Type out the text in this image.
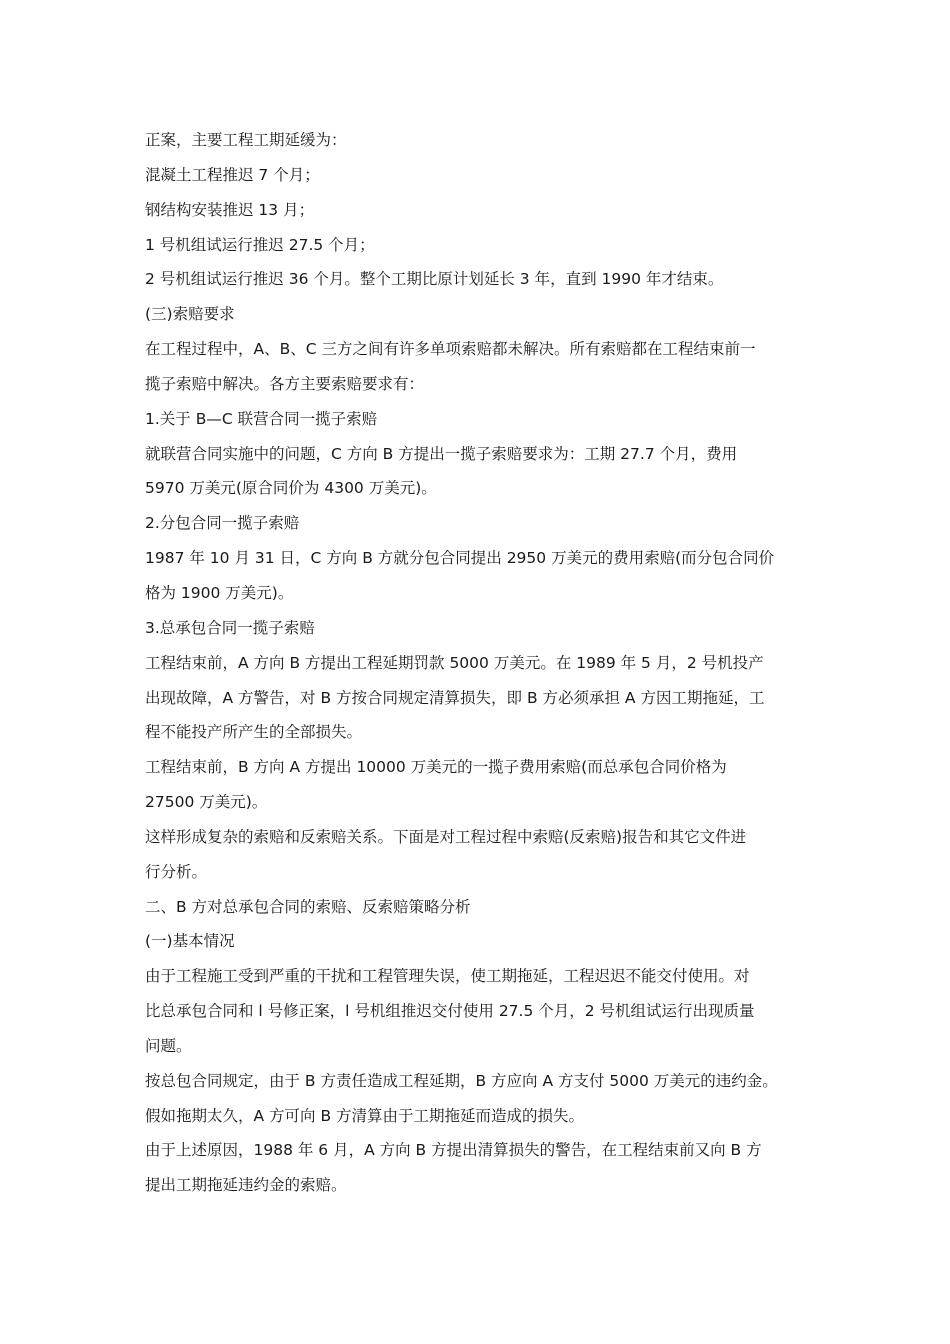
正案，主要工程工期延缓为：
混凝土工程推迟 7 个月；
钢结构安装推迟 13 月；
1 号机组试运行推迟 27.5 个月；
2 号机组试运行推迟 36 个月。整个工期比原计划延长 3 年，直到 1990 年才结束。
(三)索赔要求
在工程过程中，A、B、C 三方之间有许多单项索赔都未解决。所有索赔都在工程结束前一
揽子索赔中解决。各方主要索赔要求有：
1.关于 B—C 联营合同一揽子索赔
就联营合同实施中的问题，C 方向 B 方提出一揽子索赔要求为：工期 27.7 个月，费用
5970 万美元(原合同价为 4300 万美元)。
2.分包合同一揽子索赔
1987 年 10 月 31 日，C 方向 B 方就分包合同提出 2950 万美元的费用索赔(而分包合同价
格为 1900 万美元)。
3.总承包合同一揽子索赔
工程结束前，A 方向 B 方提出工程延期罚款 5000 万美元。在 1989 年 5 月，2 号机投产
出现故障，A 方警告，对 B 方按合同规定清算损失，即 B 方必须承担 A 方因工期拖延，工
程不能投产所产生的全部损失。
工程结束前，B 方向 A 方提出 10000 万美元的一揽子费用索赔(而总承包合同价格为
27500 万美元)。
这样形成复杂的索赔和反索赔关系。下面是对工程过程中索赔(反索赔)报告和其它文件进
行分析。
二、B 方对总承包合同的索赔、反索赔策略分析
(一)基本情况
由于工程施工受到严重的干扰和工程管理失误，使工期拖延，工程迟迟不能交付使用。对
比总承包合同和 l 号修正案，l 号机组推迟交付使用 27.5 个月，2 号机组试运行出现质量
问题。
按总包合同规定，由于 B 方责任造成工程延期，B 方应向 A 方支付 5000 万美元的违约金。
假如拖期太久，A 方可向 B 方清算由于工期拖延而造成的损失。
由于上述原因，1988 年 6 月，A 方向 B 方提出清算损失的警告，在工程结束前又向 B 方
提出工期拖延违约金的索赔。
